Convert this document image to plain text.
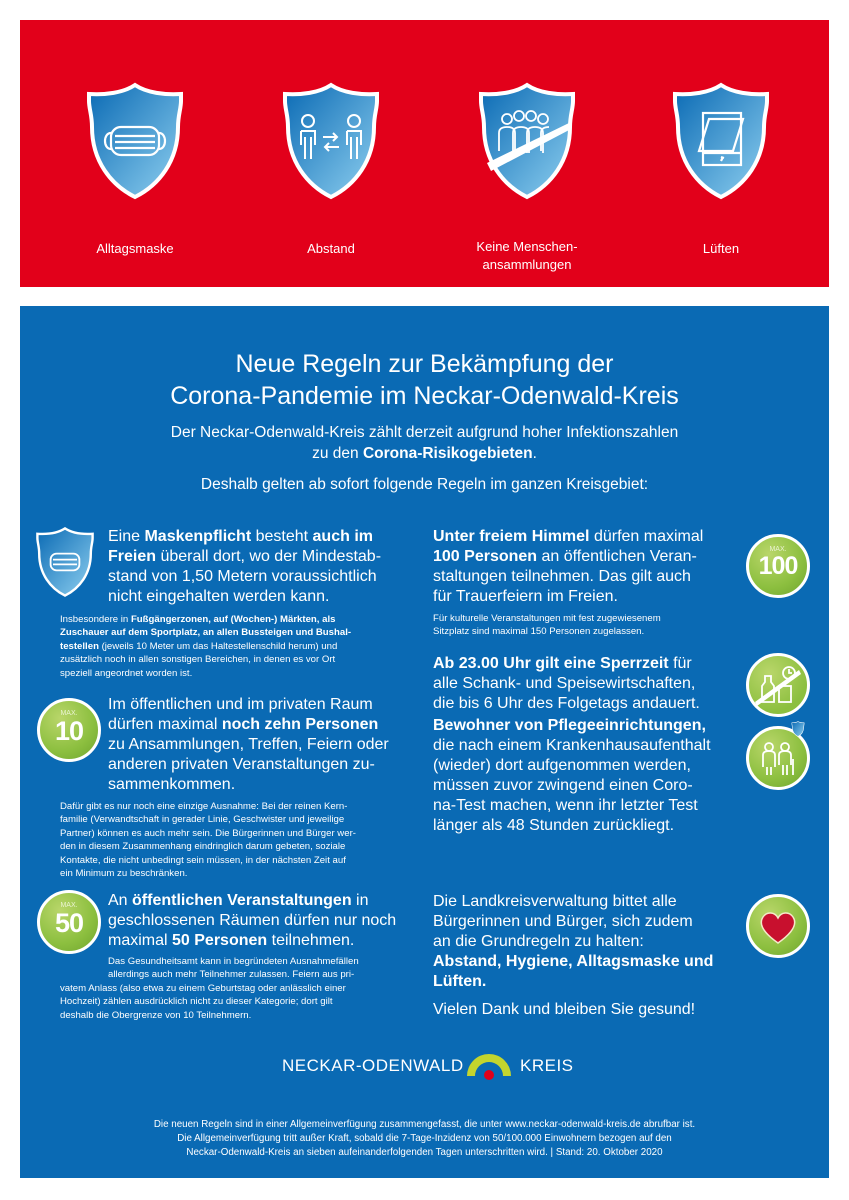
Alltagsmaske	Abstand	Keine Menschen-
ansammlungen
Lüften
Neue Regeln zur Bekämpfung der
Corona-Pandemie im Neckar-Odenwald-Kreis
Der Neckar-Odenwald-Kreis zählt derzeit aufgrund hoher Infektionszahlen
zu den Corona-Risikogebieten.
Deshalb gelten ab sofort folgende Regeln im ganzen Kreisgebiet:
Eine Maskenpflicht besteht auch im
Freien überall dort, wo der Mindestab-
stand von 1,50 Metern voraussichtlich
nicht eingehalten werden kann.
Insbesondere in Fußgängerzonen, auf (Wochen-) Märkten, als
Zuschauer auf dem Sportplatz, an allen Bussteigen und Bushal-
testellen (jeweils 10 Meter um das Haltestellenschild herum) und
zusätzlich noch in allen sonstigen Bereichen, in denen es vor Ort
speziell angeordnet worden ist.
MAX.
10
Im öffentlichen und im privaten Raum
dürfen maximal noch zehn Personen
zu Ansammlungen, Treffen, Feiern oder
anderen privaten Veranstaltungen zu-
sammenkommen.
Dafür gibt es nur noch eine einzige Ausnahme: Bei der reinen Kern-
familie (Verwandtschaft in gerader Linie, Geschwister und jeweilige
Partner) können es auch mehr sein. Die Bürgerinnen und Bürger wer-
den in diesem Zusammenhang eindringlich darum gebeten, soziale
Kontakte, die nicht unbedingt sein müssen, in der nächsten Zeit auf
ein Minimum zu beschränken.
MAX.
50
An öffentlichen Veranstaltungen in
geschlossenen Räumen dürfen nur noch
maximal 50 Personen teilnehmen.
Das Gesundheitsamt kann in begründeten Ausnahmefällen
allerdings auch mehr Teilnehmer zulassen. Feiern aus pri-
vatem Anlass (also etwa zu einem Geburtstag oder anlässlich einer
Hochzeit) zählen ausdrücklich nicht zu dieser Kategorie; dort gilt
deshalb die Obergrenze von 10 Teilnehmern.
Unter freiem Himmel dürfen maximal
100 Personen an öffentlichen Veran-
staltungen teilnehmen. Das gilt auch
für Trauerfeiern im Freien.
Für kulturelle Veranstaltungen mit fest zugewiesenem
Sitzplatz sind maximal 150 Personen zugelassen.
MAX.
100
Ab 23.00 Uhr gilt eine Sperrzeit für
alle Schank- und Speisewirtschaften,
die bis 6 Uhr des Folgetags andauert.
Bewohner von Pflegeeinrichtungen,
die nach einem Krankenhausaufenthalt
(wieder) dort aufgenommen werden,
müssen zuvor zwingend einen Coro-
na-Test machen, wenn ihr letzter Test
länger als 48 Stunden zurückliegt.
Die Landkreisverwaltung bittet alle
Bürgerinnen und Bürger, sich zudem
an die Grundregeln zu halten:
Abstand, Hygiene, Alltagsmaske und
Lüften.
Vielen Dank und bleiben Sie gesund!
NECKAR-ODENWALD	KREIS
Die neuen Regeln sind in einer Allgemeinverfügung zusammengefasst, die unter www.neckar-odenwald-kreis.de abrufbar ist.
Die Allgemeinverfügung tritt außer Kraft, sobald die 7-Tage-Inzidenz von 50/100.000 Einwohnern bezogen auf den
Neckar-Odenwald-Kreis an sieben aufeinanderfolgenden Tagen unterschritten wird. | Stand: 20. Oktober 2020
